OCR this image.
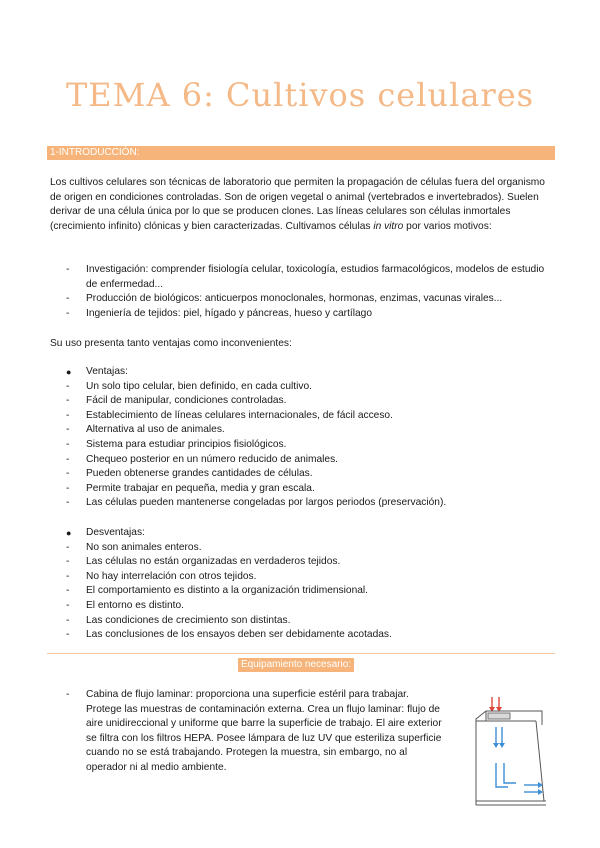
TEMA 6: Cultivos celulares
1-INTRODUCCIÓN:

Los cultivos celulares son técnicas de laboratorio que permiten la propagación de células fuera del organismo de origen en condiciones controladas. Son de origen vegetal o animal (vertebrados e invertebrados). Suelen derivar de una célula única por lo que se producen clones. Las líneas celulares son células inmortales (crecimiento infinito) clónicas y bien caracterizadas. Cultivamos células in vitro por varios motivos:

- Investigación: comprender fisiología celular, toxicología, estudios farmacológicos, modelos de estudio de enfermedad...
- Producción de biológicos: anticuerpos monoclonales, hormonas, enzimas, vacunas virales...
- Ingeniería de tejidos: piel, hígado y páncreas, hueso y cartílago

Su uso presenta tanto ventajas como inconvenientes:

● Ventajas:
- Un solo tipo celular, bien definido, en cada cultivo.
- Fácil de manipular, condiciones controladas.
- Establecimiento de líneas celulares internacionales, de fácil acceso.
- Alternativa al uso de animales.
- Sistema para estudiar principios fisiológicos.
- Chequeo posterior en un número reducido de animales.
- Pueden obtenerse grandes cantidades de células.
- Permite trabajar en pequeña, media y gran escala.
- Las células pueden mantenerse congeladas por largos periodos (preservación).
● Desventajas:
- No son animales enteros.
- Las células no están organizadas en verdaderos tejidos.
- No hay interrelación con otros tejidos.
- El comportamiento es distinto a la organización tridimensional.
- El entorno es distinto.
- Las condiciones de crecimiento son distintas.
- Las conclusiones de los ensayos deben ser debidamente acotadas.
Equipamiento necesario:
- Cabina de flujo laminar: proporciona una superficie estéril para trabajar. Protege las muestras de contaminación externa. Crea un flujo laminar: flujo de aire unidireccional y uniforme que barre la superficie de trabajo. El aire exterior se filtra con los filtros HEPA. Posee lámpara de luz UV que esteriliza superficie cuando no se está trabajando. Protegen la muestra, sin embargo, no al operador ni al medio ambiente.
